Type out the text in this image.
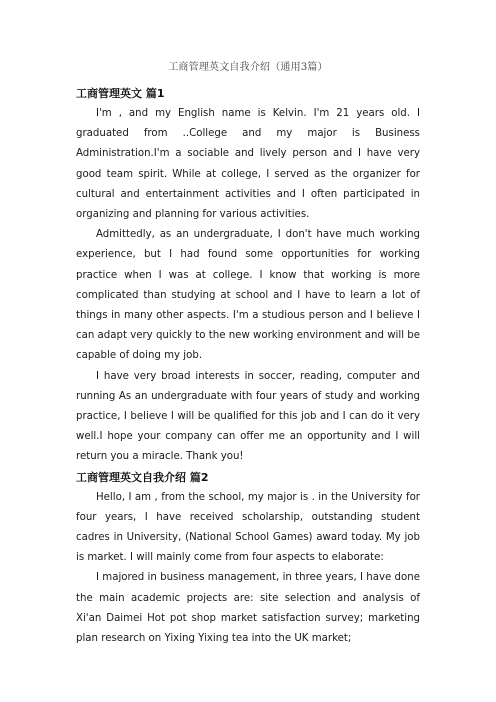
工商管理英文自我介绍（通用3篇）
工商管理英文 篇1

I'm , and my English name is Kelvin. I'm 21 years old. I graduated from ..College and my major is Business Administration.I'm a sociable and lively person and I have very good team spirit. While at college, I served as the organizer for cultural and entertainment activities and I often participated in organizing and planning for various activities.

Admittedly, as an undergraduate, I don't have much working experience, but I had found some opportunities for working practice when I was at college. I know that working is more complicated than studying at school and I have to learn a lot of things in many other aspects. I'm a studious person and I believe I can adapt very quickly to the new working environment and will be capable of doing my job.

I have very broad interests in soccer, reading, computer and running As an undergraduate with four years of study and working practice, I believe I will be qualified for this job and I can do it very well.I hope your company can offer me an opportunity and I will return you a miracle. Thank you!

工商管理英文自我介绍 篇2

Hello, I am , from the school, my major is . in the University for four years, I have received scholarship, outstanding student cadres in University, (National School Games) award today. My job is market. I will mainly come from four aspects to elaborate:

I majored in business management, in three years, I have done the main academic projects are: site selection and analysis of Xi'an Daimei Hot pot shop market satisfaction survey; marketing plan research on Yixing Yixing tea into the UK market;
